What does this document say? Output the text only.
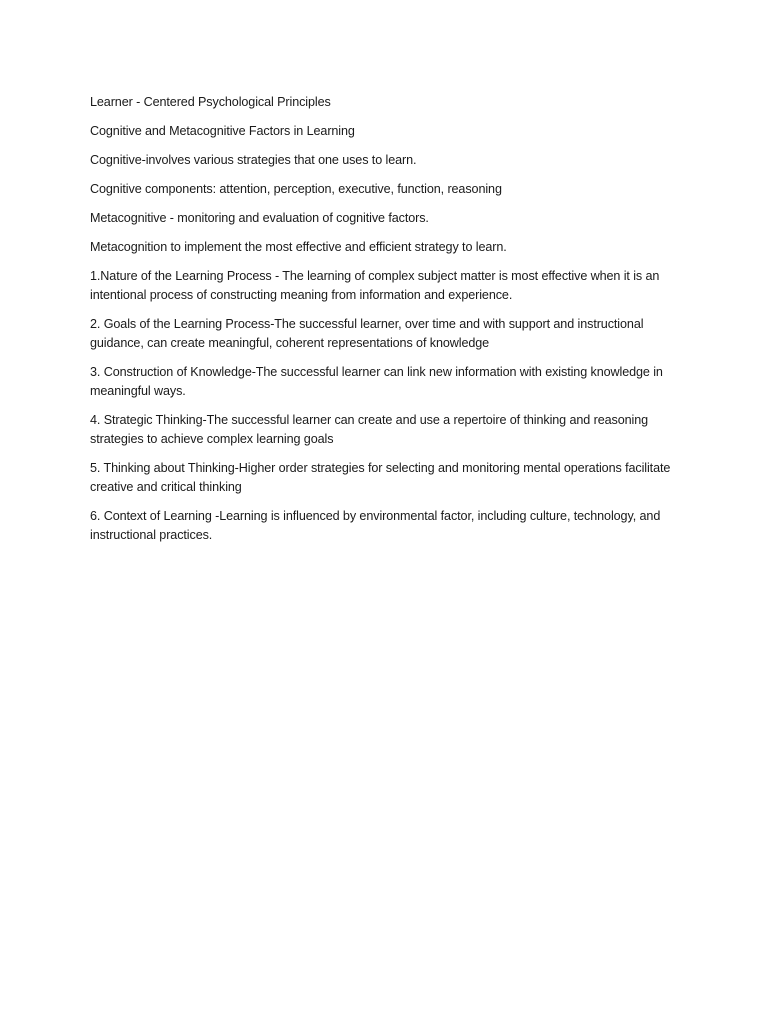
Learner - Centered Psychological Principles

Cognitive and Metacognitive Factors in Learning

Cognitive-involves various strategies that one uses to learn.

Cognitive components: attention, perception, executive, function, reasoning

Metacognitive - monitoring and evaluation of cognitive factors.

Metacognition to implement the most effective and efficient strategy to learn.

1.Nature of the Learning Process - The learning of complex subject matter is most effective when it is an intentional process of constructing meaning from information and experience.

2. Goals of the Learning Process-The successful learner, over time and with support and instructional guidance, can create meaningful, coherent representations of knowledge

3. Construction of Knowledge-The successful learner can link new information with existing knowledge in meaningful ways.

4. Strategic Thinking-The successful learner can create and use a repertoire of thinking and reasoning strategies to achieve complex learning goals

5. Thinking about Thinking-Higher order strategies for selecting and monitoring mental operations facilitate creative and critical thinking

6. Context of Learning -Learning is influenced by environmental factor, including culture, technology, and instructional practices.
